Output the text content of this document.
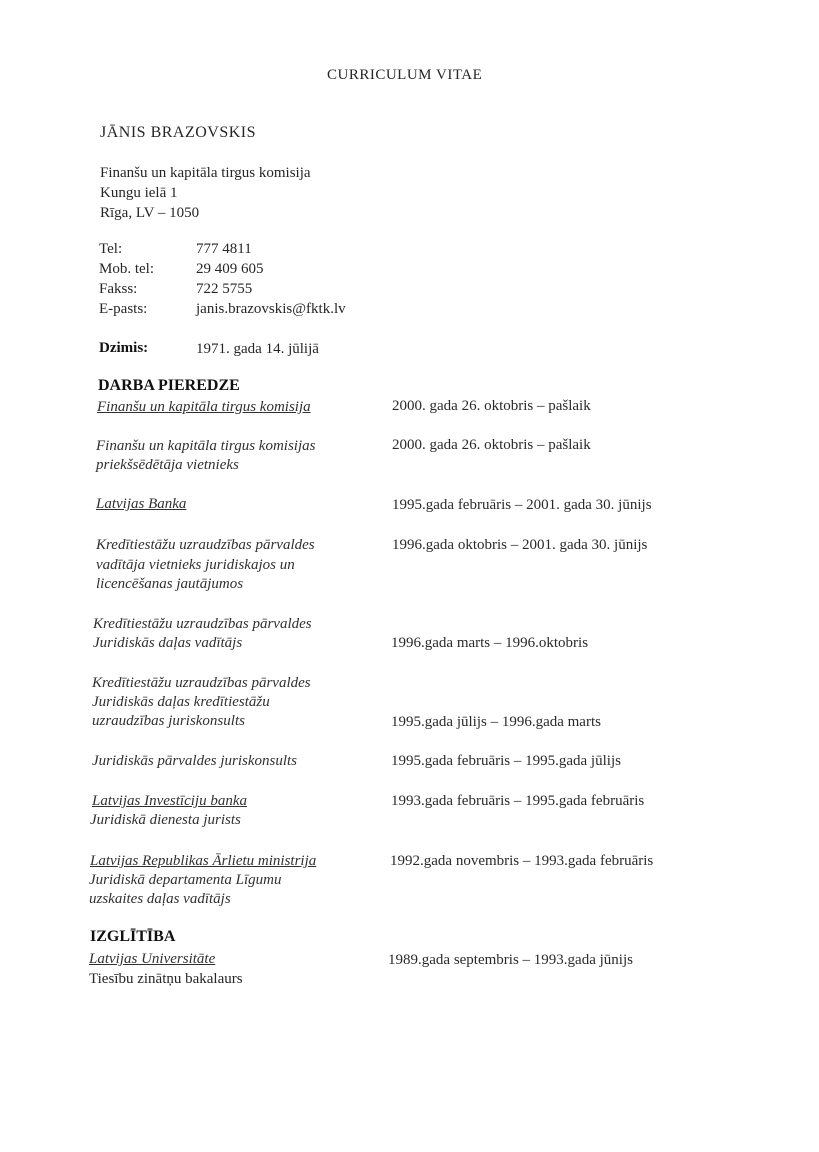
CURRICULUM VITAE
JĀNIS BRAZOVSKIS
Finanšu un kapitāla tirgus komisija
Kungu ielā 1
Rīga, LV – 1050
Tel:	777 4811
Mob. tel:	29 409 605
Fakss:	722 5755
E-pasts:	janis.brazovskis@fktk.lv
Dzimis:	1971. gada 14. jūlijā
DARBA PIEREDZE
Finanšu un kapitāla tirgus komisija	2000. gada 26. oktobris – pašlaik
Finanšu un kapitāla tirgus komisijas
priekšsēdētāja vietnieks
2000. gada 26. oktobris – pašlaik
Latvijas Banka	1995.gada februāris – 2001. gada 30. jūnijs
Kredītiestāžu uzraudzības pārvaldes
vadītāja vietnieks juridiskajos un
licencēšanas jautājumos
1996.gada oktobris – 2001. gada 30. jūnijs
Kredītiestāžu uzraudzības pārvaldes
Juridiskās daļas vadītājs	1996.gada marts – 1996.oktobris
Kredītiestāžu uzraudzības pārvaldes
Juridiskās daļas kredītiestāžu
uzraudzības juriskonsults	1995.gada jūlijs – 1996.gada marts
Juridiskās pārvaldes juriskonsults	1995.gada februāris – 1995.gada jūlijs
Latvijas Investīciju banka
Juridiskā dienesta jurists
1993.gada februāris – 1995.gada februāris
Latvijas Republikas Ārlietu ministrija
Juridiskā departamenta Līgumu
uzskaites daļas vadītājs
1992.gada novembris – 1993.gada februāris
IZGLĪTĪBA
Latvijas Universitāte
Tiesību zinātņu bakalaurs
1989.gada septembris – 1993.gada jūnijs
